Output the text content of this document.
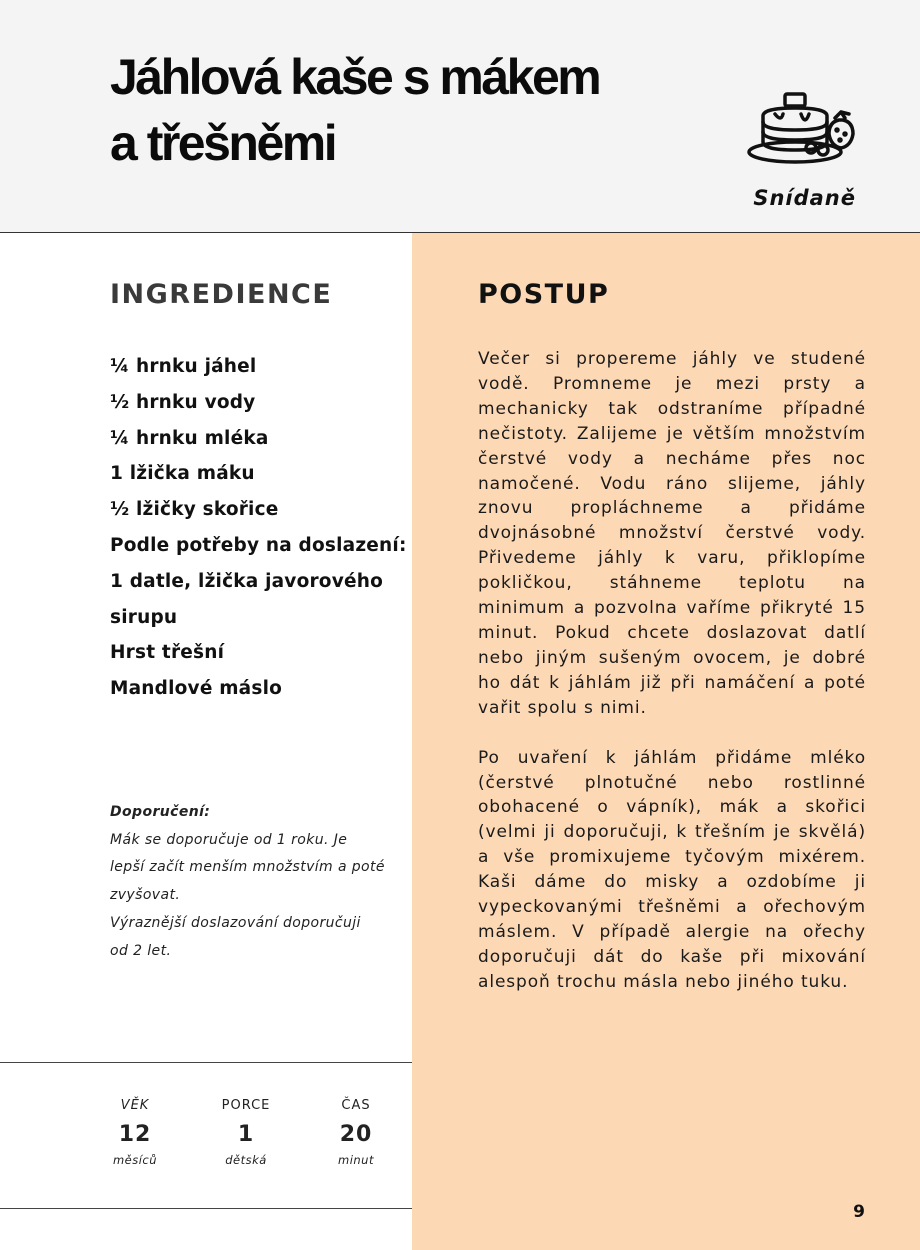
Jáhlová kaše s mákem
a třešněmi
Snídaně
INGREDIENCE
¼ hrnku jáhel
½ hrnku vody
¼ hrnku mléka
1 lžička máku
½ lžičky skořice
Podle potřeby na doslazení:
1 datle, lžička javorového
sirupu
Hrst třešní
Mandlové máslo
Doporučení:
Mák se doporučuje od 1 roku. Je
lepší začít menším množstvím a poté
zvyšovat.
Výraznější doslazování doporučuji
od 2 let.
VĚK
12
měsíců
PORCE
1
dětská
ČAS
20
minut
POSTUP

Večer si propereme jáhly ve studené vodě. Promneme je mezi prsty a mechanicky tak odstraníme případné nečistoty. Zalijeme je větším množstvím čerstvé vody a necháme přes noc namočené. Vodu ráno slijeme, jáhly znovu propláchneme a přidáme dvojnásobné množství čerstvé vody. Přivedeme jáhly k varu, přiklopíme pokličkou, stáhneme teplotu na minimum a pozvolna vaříme přikryté 15 minut. Pokud chcete doslazovat datlí nebo jiným sušeným ovocem, je dobré ho dát k jáhlám již při namáčení a poté vařit spolu s nimi.

Po uvaření k jáhlám přidáme mléko (čerstvé plnotučné nebo rostlinné obohacené o vápník), mák a skořici (velmi ji doporučuji, k třešním je skvělá) a vše promixujeme tyčovým mixérem. Kaši dáme do misky a ozdobíme ji vypeckovanými třešněmi a ořechovým máslem. V případě alergie na ořechy doporučuji dát do kaše při mixování alespoň trochu másla nebo jiného tuku.

9
